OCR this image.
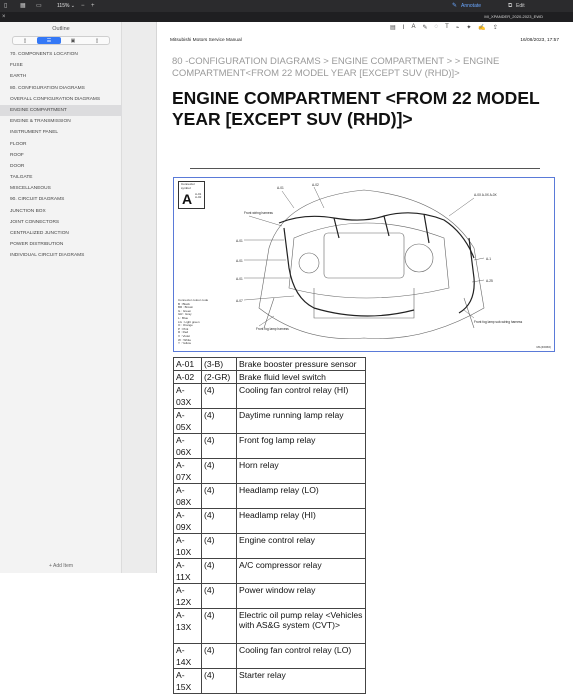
▯ ▦ ▭	115% ⌄ − +	✎ Annotate	⧉ Edit
×	MI_XPANDER_2020-2023_EWD
Outline
▯	☰	▣	▯
70. COMPONENTS LOCATION
FUSE
EARTH
80. CONFIGURATION DIAGRAMS
OVERALL CONFIGURATION DIAGRAMS
ENGINE COMPARTMENT
ENGINE & TRANSMISSION
INSTRUMENT PANEL
FLOOR
ROOF
DOOR
TAILGATE
MISCELLANEOUS
90. CIRCUIT DIAGRAMS
JUNCTION BOX
JOINT CONNECTORS
CENTRALIZED JUNCTION
POWER DISTRIBUTION
INDIVIDUAL CIRCUIT DIAGRAMS
+ Add Item
▤ Ⅰ A ✎ ◌ T ⌁ ✦ ✍ ⇪
Mitsubishi Motors Service Manual	16/08/2023, 17:57
80 -CONFIGURATION DIAGRAMS > ENGINE COMPARTMENT > > ENGINE COMPARTMENT<FROM 22 MODEL YEAR [EXCEPT SUV (RHD)]>
ENGINE COMPARTMENT <FROM 22 MODEL YEAR [EXCEPT SUV (RHD)]>
A-01
A-02
A-01
A-01
A-01
A-07
A-1
A-25
A-0X A-0X A-0X
Front wiring harness
Front fog lamp sub-wiring harness
Front fog lamp harness
Connector symbol
A A-01
A-02
Connector colour code
B : Black
BR : Brown
G : Green
GR : Gray
L : Blue
LG : Light green
O : Orange
P : Pink
R : Red
V : Violet
W : White
Y : Yellow
M1(46066)
A-01	(3-B)	Brake booster pressure sensor

A-02	(2-GR)	Brake fluid level switch

A-03X	(4)	Cooling fan control relay (HI)

A-05X	(4)	Daytime running lamp relay

A-06X	(4)	Front fog lamp relay

A-07X	(4)	Horn relay

A-08X	(4)	Headlamp relay (LO)

A-09X	(4)	Headlamp relay (HI)

A-10X	(4)	Engine control relay

A-11X	(4)	A/C compressor relay

A-12X	(4)	Power window relay

A-13X	(4)	Electric oil pump relay <Vehicles with AS&G system (CVT)>

A-14X	(4)	Cooling fan control relay (LO)

A-15X	(4)	Starter relay
